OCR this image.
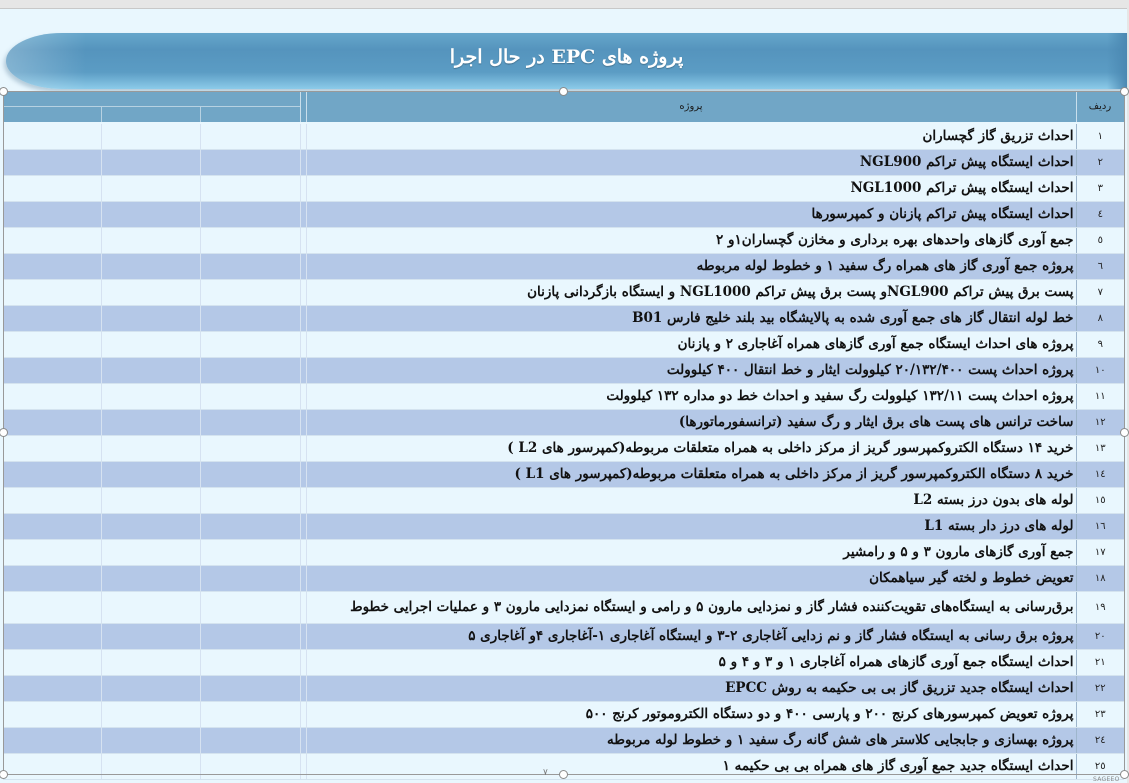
پروژه های EPC در حال اجرا
		پروژه	ردیف

		احداث تزریق گاز گچساران	۱

		احداث ایستگاه پیش تراکم NGL900	۲

		احداث ایستگاه پیش تراکم NGL1000	۳

		احداث ایستگاه پیش تراکم پازنان و کمپرسورها	٤

		جمع آوری گازهای واحدهای بهره برداری و مخازن گچساران۱و ۲	٥

		پروژه جمع آوری گاز های همراه رگ سفید ۱ و خطوط لوله مربوطه	٦

		پست برق پیش تراکم NGL900و پست برق پیش تراکم NGL1000 و ایستگاه بازگردانی پازنان	۷

		خط لوله انتقال گاز های جمع آوری شده به پالایشگاه بید بلند خلیج فارس B01	۸

		پروژه های احداث ایستگاه جمع آوری گازهای همراه آغاجاری ۲ و پازنان	۹

		پروژه احداث پست ۲۰/۱۳۲/۴۰۰ کیلوولت ایثار و خط انتقال ۴۰۰ کیلوولت	۱۰

		پروژه احداث پست ۱۳۲/۱۱ کیلوولت رگ سفید و احداث خط دو مداره ۱۳۲ کیلوولت	۱۱

		ساخت ترانس های پست های برق ایثار و رگ سفید (ترانسفورماتورها)	۱۲

		خرید ۱۴ دستگاه الکتروکمپرسور گریز از مرکز داخلی به همراه متعلقات مربوطه(کمپرسور های L2 )	۱۳

		خرید ۸ دستگاه الکتروکمپرسور گریز از مرکز داخلی به همراه متعلقات مربوطه(کمپرسور های L1 )	۱٤

		لوله های بدون درز بسته L2	۱٥

		لوله های درز دار بسته L1	۱٦

		جمع آوری گازهای مارون ۳ و ۵ و رامشیر	۱۷

		تعویض خطوط و لخته گیر سیاهمکان	۱۸

		برق‌رسانی به ایستگاه‌های تقویت‌کننده فشار گاز و نمزدایی مارون ۵ و رامی و ایستگاه نمزدایی مارون ۳ و عملیات اجرایی خطوط	۱۹

		پروژه برق رسانی به ایستگاه فشار گاز و نم زدایی آغاجاری ۲-۳ و ایستگاه آغاجاری ۱-آغاجاری ۴و آغاجاری ۵	۲۰

		احداث ایستگاه جمع آوری گازهای همراه آغاجاری ۱ و ۳ و ۴ و ۵	۲۱

		احداث ایستگاه جدید تزریق گاز بی بی حکیمه به روش EPCC	۲۲

		پروژه تعویض کمپرسورهای کرنج ۲۰۰ و پارسی ۴۰۰ و دو دستگاه الکتروموتور کرنج ۵۰۰	۲۳

		پروژه بهسازی و جابجایی کلاستر های شش گانه رگ سفید ۱ و خطوط لوله مربوطه	۲٤

		احداث ایستگاه جدید جمع آوری گاز های همراه بی بی حکیمه ۱	۲٥
۷
SAGEEO
